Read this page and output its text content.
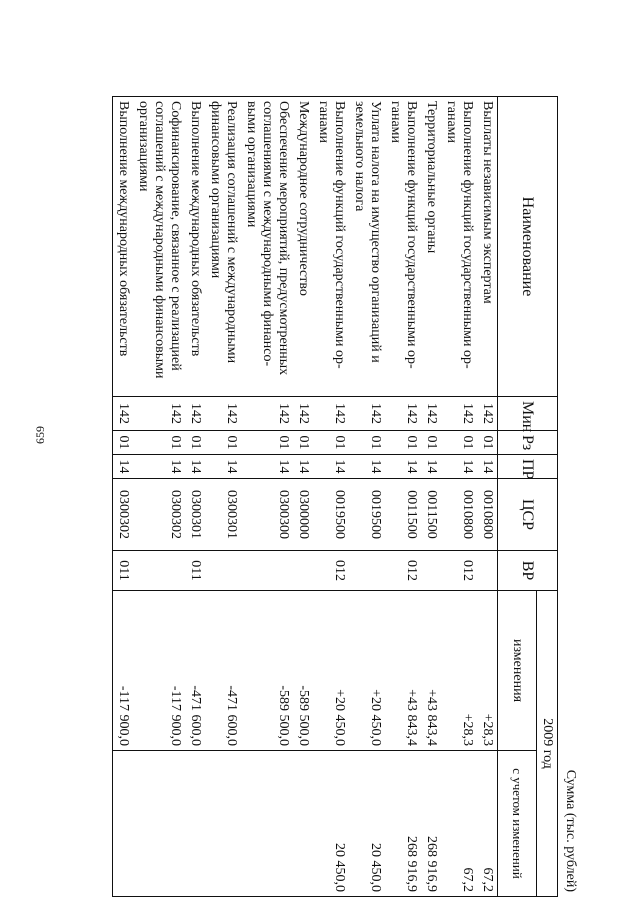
659
Сумма (тыс. рублей)
Наименование	Мин	Рз	ПР	ЦСР	ВР	2009 год	
						изменения	с учетом изменений
Выплаты независимым экспертам	142	01	14	0010800		+28,3	67,2
Выполнение функций государственными ор-ганами	142	01	14	0010800	012	+28,3	67,2
Территориальные органы	142	01	14	0011500		+43 843,4	268 916,9
Выполнение функций государственными ор-ганами	142	01	14	0011500	012	+43 843,4	268 916,9
Уплата налога на имущество организаций и земельного налога	142	01	14	0019500		+20 450,0	20 450,0
Выполнение функций государственными ор-ганами	142	01	14	0019500	012	+20 450,0	20 450,0
Международное сотрудничество	142	01	14	0300000		-589 500,0	
Обеспечение мероприятий, предусмотренных соглашениями с международными финансо-выми организациями	142	01	14	0300300		-589 500,0	
Реализация соглашений с международными финансовыми организациями	142	01	14	0300301		-471 600,0	
Выполнение международных обязательств	142	01	14	0300301	011	-471 600,0	
Софинансирование, связанное с реализацией соглашений с международными финансовыми организациями	142	01	14	0300302		-117 900,0	
Выполнение международных обязательств	142	01	14	0300302	011	-117 900,0	
